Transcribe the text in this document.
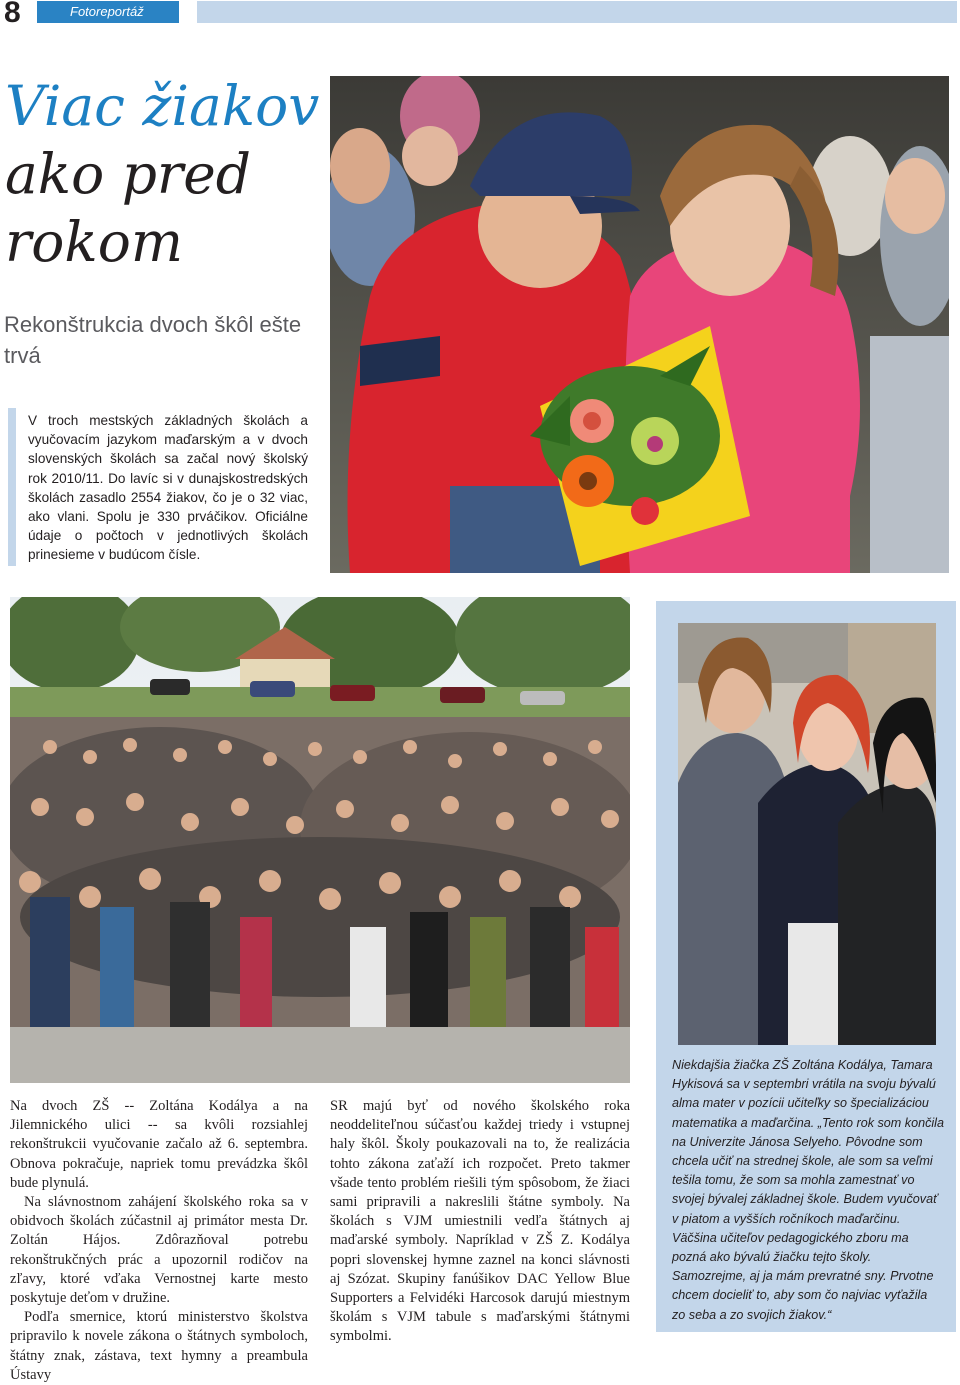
8	Fotoreportáž
Viac žiakov
ako pred
rokom
Rekonštrukcia dvoch škôl ešte trvá
V troch mestských základných školách a vyučovacím jazykom maďarským a v dvoch slovenských školách sa začal nový školský rok 2010/11. Do lavíc si v dunajskostredských školách zasadlo 2554 žiakov, čo je o 32 viac, ako vlani. Spolu je 330 prváčikov. Oficiálne údaje o počtoch v jednotlivých školách prinesieme v budúcom čísle.
Niekdajšia žiačka ZŠ Zoltána Kodálya, Tamara Hykisová sa v septembri vrátila na svoju bývalú alma mater v pozícii učiteľky so špecializáciou matematika a maďarčina. „Tento rok som končila na Univerzite Jánosa Selyeho. Pôvodne som chcela učiť na strednej škole, ale som sa veľmi tešila tomu, že som sa mohla zamestnať vo svojej bývalej základnej škole. Budem vyučovať v piatom a vyšších ročníkoch maďarčinu. Väčšina učiteľov pedagogického zboru ma pozná ako bývalú žiačku tejto školy. Samozrejme, aj ja mám prevratné sny. Prvotne chcem docieliť to, aby som čo najviac vyťažila zo seba a zo svojich žiakov.“

Na dvoch ZŠ -- Zoltána Kodálya a na Jilemnického ulici -- sa kvôli rozsiahlej rekonštrukcii vyučovanie začalo až 6. septembra. Obnova pokračuje, napriek tomu prevádzka škôl bude plynulá.

Na slávnostnom zahájení školského roka sa v obidvoch školách zúčastnil aj primátor mesta Dr. Zoltán Hájos. Zdôrazňoval potrebu rekonštrukčných prác a upozornil rodičov na zľavy, ktoré vďaka Vernostnej karte mesto poskytuje deťom v družine.

Podľa smernice, ktorú ministerstvo školstva pripravilo k novele zákona o štátnych symboloch, štátny znak, zástava, text hymny a preambula Ústavy

SR majú byť od nového školského roka neoddeliteľnou súčasťou každej triedy i vstupnej haly škôl. Školy poukazovali na to, že realizácia tohto zákona zaťaží ich rozpočet. Preto takmer všade tento problém riešili tým spôsobom, že žiaci sami pripravili a nakreslili štátne symboly. Na školách s VJM umiestnili vedľa štátnych aj maďarské symboly. Napríklad v ZŠ Z. Kodálya popri slovenskej hymne zaznel na konci slávnosti aj Szózat. Skupiny fanúšikov DAC Yellow Blue Supporters a Felvidéki Harcosok darujú miestnym školám s VJM tabule s maďarskými štátnymi symbolmi.
